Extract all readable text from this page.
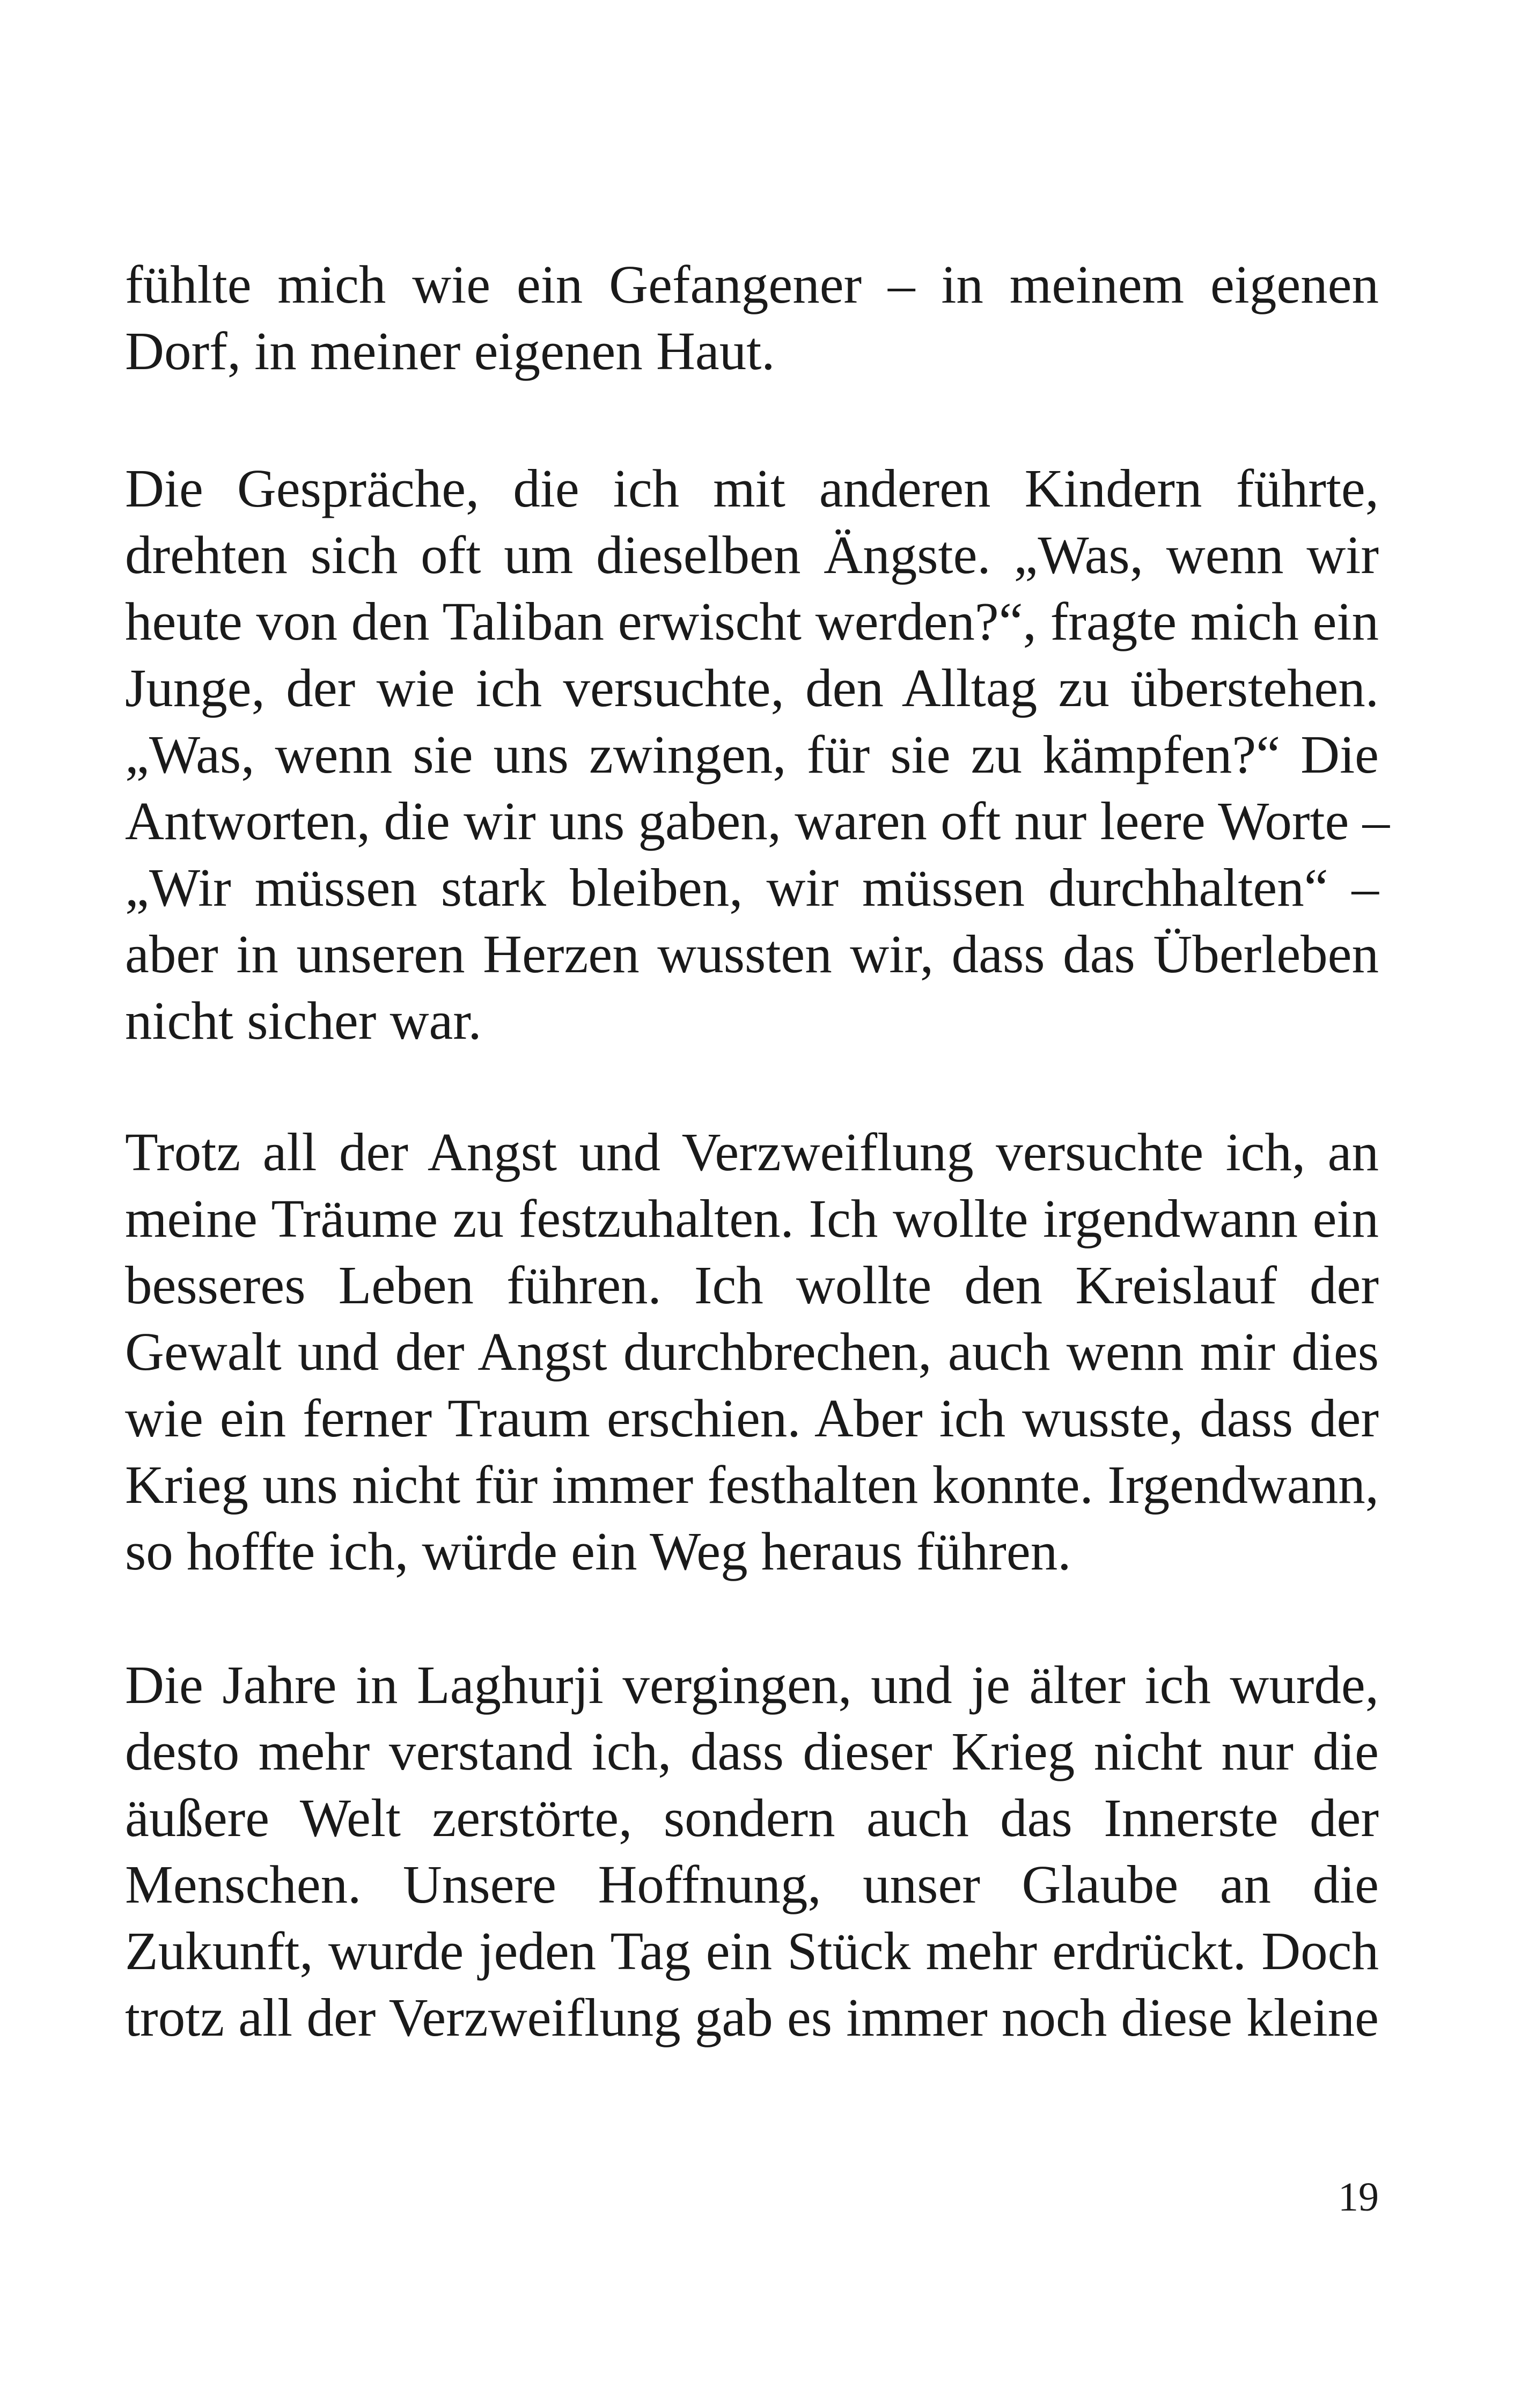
fühlte mich wie ein Gefangener – in meinem eigenen
Dorf, in meiner eigenen Haut.
Die Gespräche, die ich mit anderen Kindern führte,
drehten sich oft um dieselben Ängste. „Was, wenn wir
heute von den Taliban erwischt werden?“, fragte mich ein
Junge, der wie ich versuchte, den Alltag zu überstehen.
„Was, wenn sie uns zwingen, für sie zu kämpfen?“ Die
Antworten, die wir uns gaben, waren oft nur leere Worte –
„Wir müssen stark bleiben, wir müssen durchhalten“ –
aber in unseren Herzen wussten wir, dass das Überleben
nicht sicher war.
Trotz all der Angst und Verzweiflung versuchte ich, an
meine Träume zu festzuhalten. Ich wollte irgendwann ein
besseres Leben führen. Ich wollte den Kreislauf der
Gewalt und der Angst durchbrechen, auch wenn mir dies
wie ein ferner Traum erschien. Aber ich wusste, dass der
Krieg uns nicht für immer festhalten konnte. Irgendwann,
so hoffte ich, würde ein Weg heraus führen.
Die Jahre in Laghurji vergingen, und je älter ich wurde,
desto mehr verstand ich, dass dieser Krieg nicht nur die
äußere Welt zerstörte, sondern auch das Innerste der
Menschen. Unsere Hoffnung, unser Glaube an die
Zukunft, wurde jeden Tag ein Stück mehr erdrückt. Doch
trotz all der Verzweiflung gab es immer noch diese kleine
19
